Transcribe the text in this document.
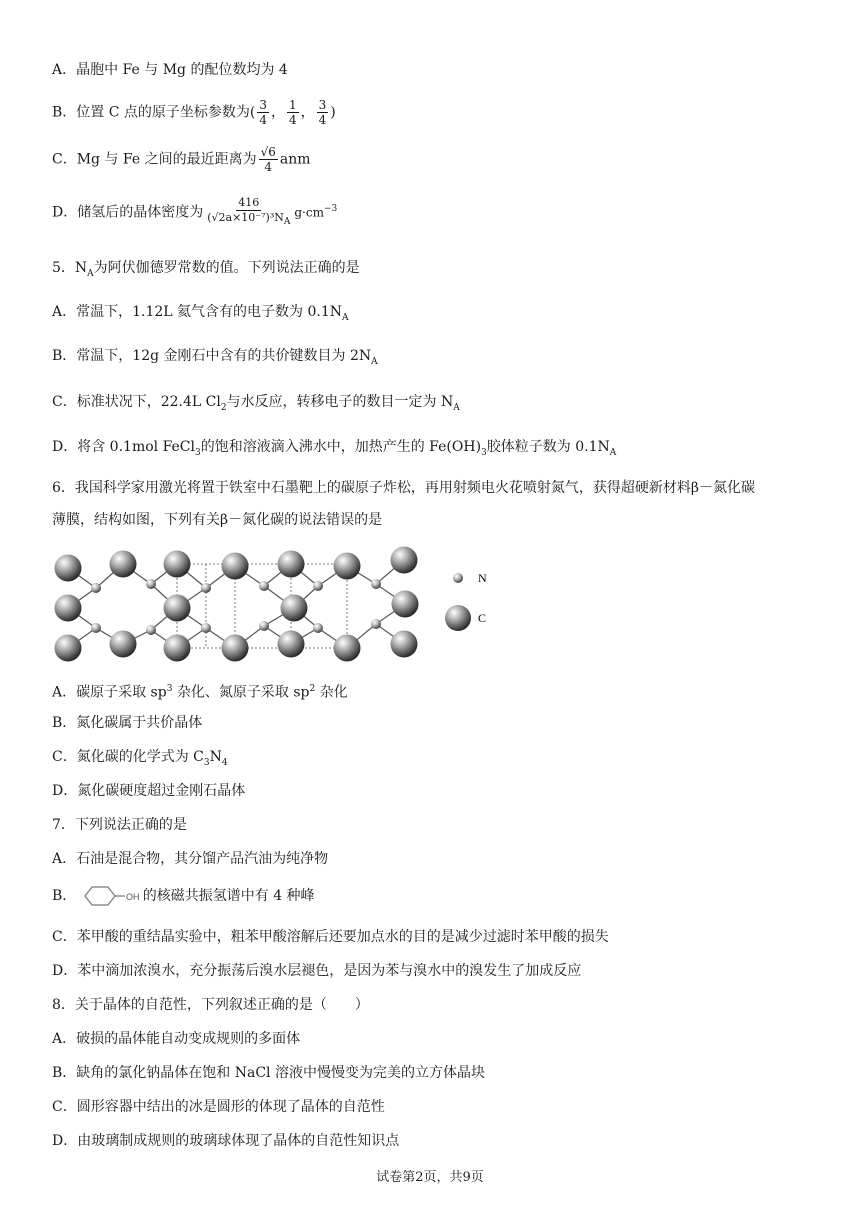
A．晶胞中 Fe 与 Mg 的配位数均为 4
B．位置 C 点的原子坐标参数为( $\frac{3}{4}$ ， $\frac{1}{4}$ ， $\frac{3}{4}$ )
C．Mg 与 Fe 之间的最近距离为 $\frac{√6}{4}$ anm
D．储氢后的晶体密度为 $\frac{416}{(√2a\times 10^{-7})^3N_A} g\cdot cm^{-3}$
5．$N_A$为阿伏伽德罗常数的值。下列说法正确的是
A．常温下，1.12L 氦气含有的电子数为 $0.1N_A$
B．常温下，12g 金刚石中含有的共价键数目为 $2N_A$
C．标准状况下，22.4L $Cl_2$与水反应，转移电子的数目一定为 $N_A$
D．将含 0.1mol FeCl$_3$的饱和溶液滴入沸水中，加热产生的 $Fe(OH)_3$胶体粒子数为 $0.1N_A$
6．我国科学家用激光将置于铁室中石墨靶上的碳原子炸松，再用射频电火花喷射氮气，获得超硬新材料β－氮化碳
薄膜，结构如图，下列有关β－氮化碳的说法错误的是
N
C
A．碳原子采取 $sp^3$ 杂化、氮原子采取 $sp^2$ 杂化
B．氮化碳属于共价晶体
C．氮化碳的化学式为 $C_3N_4$
D．氮化碳硬度超过金刚石晶体
7．下列说法正确的是
A．石油是混合物，其分馏产品汽油为纯净物
B．	OH 的核磁共振氢谱中有 4 种峰
C．苯甲酸的重结晶实验中，粗苯甲酸溶解后还要加点水的目的是减少过滤时苯甲酸的损失
D．苯中滴加浓溴水，充分振荡后溴水层褪色，是因为苯与溴水中的溴发生了加成反应
8．关于晶体的自范性，下列叙述正确的是（　　）
A．破损的晶体能自动变成规则的多面体
B．缺角的氯化钠晶体在饱和 NaCl 溶液中慢慢变为完美的立方体晶块
C．圆形容器中结出的冰是圆形的体现了晶体的自范性
D．由玻璃制成规则的玻璃球体现了晶体的自范性知识点
试卷第2页，共9页
